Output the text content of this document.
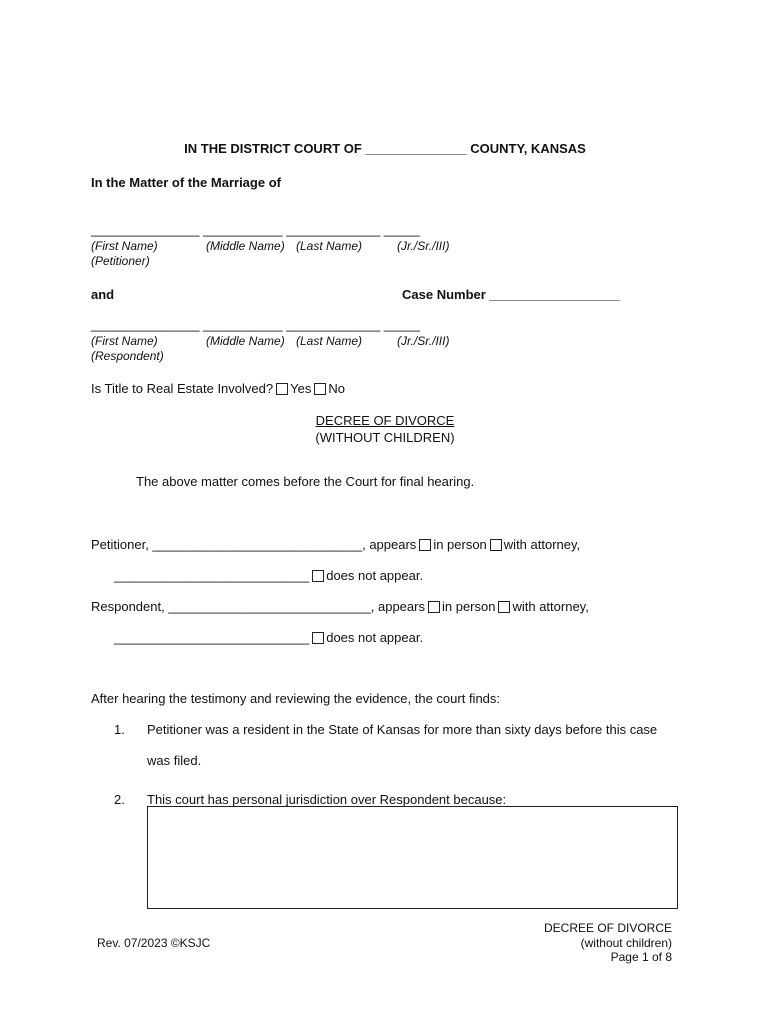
IN THE DISTRICT COURT OF ______________ COUNTY, KANSAS
In the Matter of the Marriage of
_______________ ___________ _____________ _____
(First Name)	(Middle Name) (Last Name)	(Jr./Sr./III)
(Petitioner)
and	Case Number __________________
_______________ ___________ _____________ _____
(First Name)	(Middle Name) (Last Name)	(Jr./Sr./III)
(Respondent)
Is Title to Real Estate Involved? Yes No
DECREE OF DIVORCE
(WITHOUT CHILDREN)
The above matter comes before the Court for final hearing.
Petitioner, _____________________________, appears in person with attorney,
___________________________ does not appear.
Respondent, ____________________________, appears in person with attorney,
___________________________ does not appear.
After hearing the testimony and reviewing the evidence, the court finds:
1. Petitioner was a resident in the State of Kansas for more than sixty days before this case
was filed.
2. This court has personal jurisdiction over Respondent because:
Rev. 07/2023 ©KSJC
DECREE OF DIVORCE
(without children)
Page 1 of 8
